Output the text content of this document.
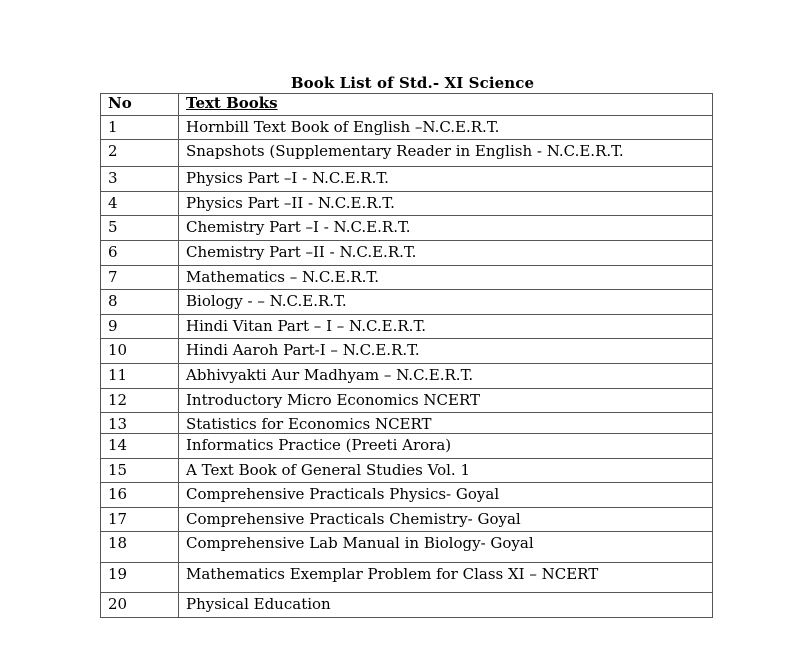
Book List of Std.- XI Science
No	Text Books
1	Hornbill Text Book of English –N.C.E.R.T.
2	Snapshots (Supplementary Reader in English - N.C.E.R.T.
3	Physics Part –I - N.C.E.R.T.
4	Physics Part –II - N.C.E.R.T.
5	Chemistry Part –I - N.C.E.R.T.
6	Chemistry Part –II - N.C.E.R.T.
7	Mathematics – N.C.E.R.T.
8	Biology - – N.C.E.R.T.
9	Hindi Vitan Part – I – N.C.E.R.T.
10	Hindi Aaroh Part-I – N.C.E.R.T.
11	Abhivyakti Aur Madhyam – N.C.E.R.T.
12	Introductory Micro Economics NCERT
13	Statistics for Economics NCERT
14	Informatics Practice (Preeti Arora)
15	A Text Book of General Studies Vol. 1
16	Comprehensive Practicals Physics- Goyal
17	Comprehensive Practicals Chemistry- Goyal
18	Comprehensive Lab Manual in Biology- Goyal
19	Mathematics Exemplar Problem for Class XI – NCERT
20	Physical Education
